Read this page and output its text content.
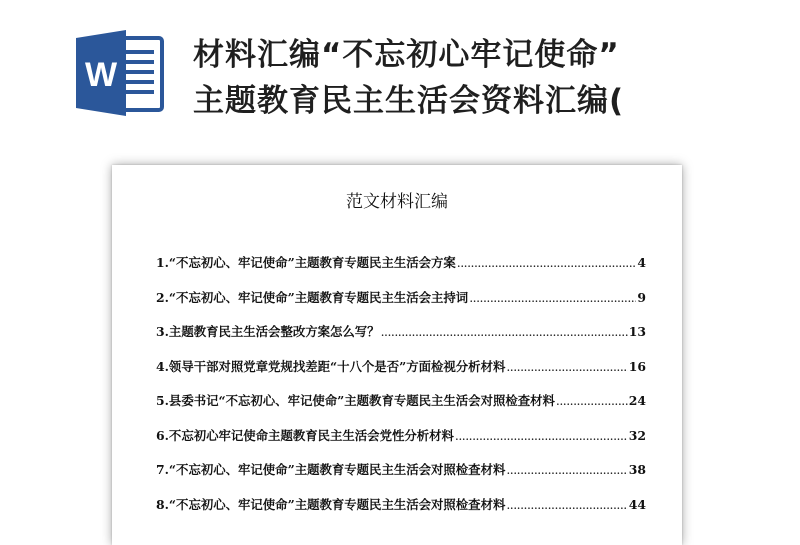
W
材料汇编“不忘初心牢记使命”
主题教育民主生活会资料汇编(
范文材料汇编
1.“不忘初心、牢记使命”主题教育专题民主生活会方案 .....	4
2.“不忘初心、牢记使命”主题教育专题民主生活会主持词 .....	9
3.主题教育民主生活会整改方案怎么写？ .....	13
4.领导干部对照党章党规找差距“十八个是否”方面检视分析材料 .....	16
5.县委书记“不忘初心、牢记使命”主题教育专题民主生活会对照检查材料 .....	24
6.不忘初心牢记使命主题教育民主生活会党性分析材料 .....	32
7.“不忘初心、牢记使命”主题教育专题民主生活会对照检查材料 .....	38
8.“不忘初心、牢记使命”主题教育专题民主生活会对照检查材料 .....	44
